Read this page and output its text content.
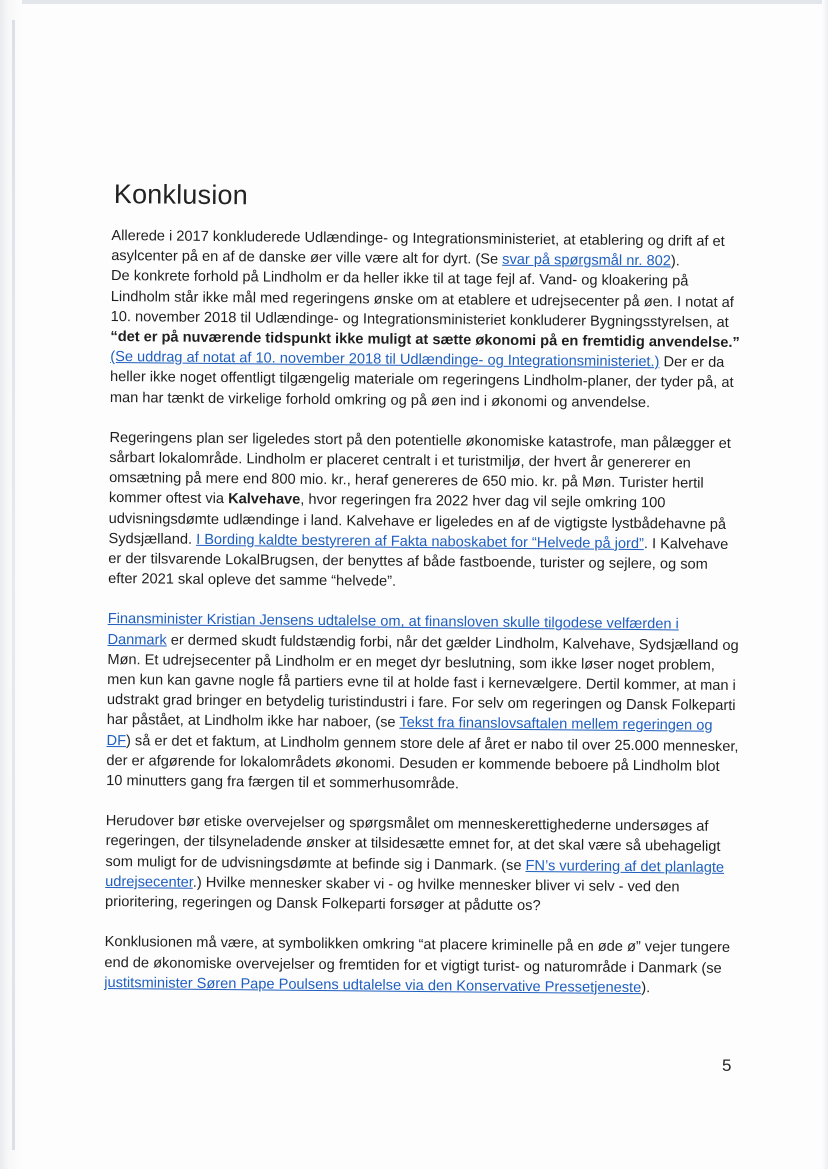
Konklusion

Allerede i 2017 konkluderede Udlændinge- og Integrationsministeriet, at etablering og drift af et asylcenter på en af de danske øer ville være alt for dyrt. (Se svar på spørgsmål nr. 802).
De konkrete forhold på Lindholm er da heller ikke til at tage fejl af. Vand- og kloakering på Lindholm står ikke mål med regeringens ønske om at etablere et udrejsecenter på øen. I notat af 10. november 2018 til Udlændinge- og Integrationsministeriet konkluderer Bygningsstyrelsen, at “det er på nuværende tidspunkt ikke muligt at sætte økonomi på en fremtidig anvendelse.”
(Se uddrag af notat af 10. november 2018 til Udlændinge- og Integrationsministeriet.) Der er da heller ikke noget offentligt tilgængelig materiale om regeringens Lindholm-planer, der tyder på, at man har tænkt de virkelige forhold omkring og på øen ind i økonomi og anvendelse.

Regeringens plan ser ligeledes stort på den potentielle økonomiske katastrofe, man pålægger et sårbart lokalområde. Lindholm er placeret centralt i et turistmiljø, der hvert år genererer en omsætning på mere end 800 mio. kr., heraf genereres de 650 mio. kr. på Møn. Turister hertil kommer oftest via Kalvehave, hvor regeringen fra 2022 hver dag vil sejle omkring 100 udvisningsdømte udlændinge i land. Kalvehave er ligeledes en af de vigtigste lystbådehavne på Sydsjælland. I Bording kaldte bestyreren af Fakta naboskabet for “Helvede på jord”. I Kalvehave er der tilsvarende LokalBrugsen, der benyttes af både fastboende, turister og sejlere, og som efter 2021 skal opleve det samme “helvede”.

Finansminister Kristian Jensens udtalelse om, at finansloven skulle tilgodese velfærden i Danmark er dermed skudt fuldstændig forbi, når det gælder Lindholm, Kalvehave, Sydsjælland og Møn. Et udrejsecenter på Lindholm er en meget dyr beslutning, som ikke løser noget problem, men kun kan gavne nogle få partiers evne til at holde fast i kernevælgere. Dertil kommer, at man i udstrakt grad bringer en betydelig turistindustri i fare. For selv om regeringen og Dansk Folkeparti har påstået, at Lindholm ikke har naboer, (se Tekst fra finanslovsaftalen mellem regeringen og DF) så er det et faktum, at Lindholm gennem store dele af året er nabo til over 25.000 mennesker, der er afgørende for lokalområdets økonomi. Desuden er kommende beboere på Lindholm blot 10 minutters gang fra færgen til et sommerhusområde.

Herudover bør etiske overvejelser og spørgsmålet om menneskerettighederne undersøges af regeringen, der tilsyneladende ønsker at tilsidesætte emnet for, at det skal være så ubehageligt som muligt for de udvisningsdømte at befinde sig i Danmark. (se FN’s vurdering af det planlagte udrejsecenter.) Hvilke mennesker skaber vi - og hvilke mennesker bliver vi selv - ved den prioritering, regeringen og Dansk Folkeparti forsøger at pådutte os?

Konklusionen må være, at symbolikken omkring “at placere kriminelle på en øde ø” vejer tungere end de økonomiske overvejelser og fremtiden for et vigtigt turist- og naturområde i Danmark (se justitsminister Søren Pape Poulsens udtalelse via den Konservative Pressetjeneste).

5
